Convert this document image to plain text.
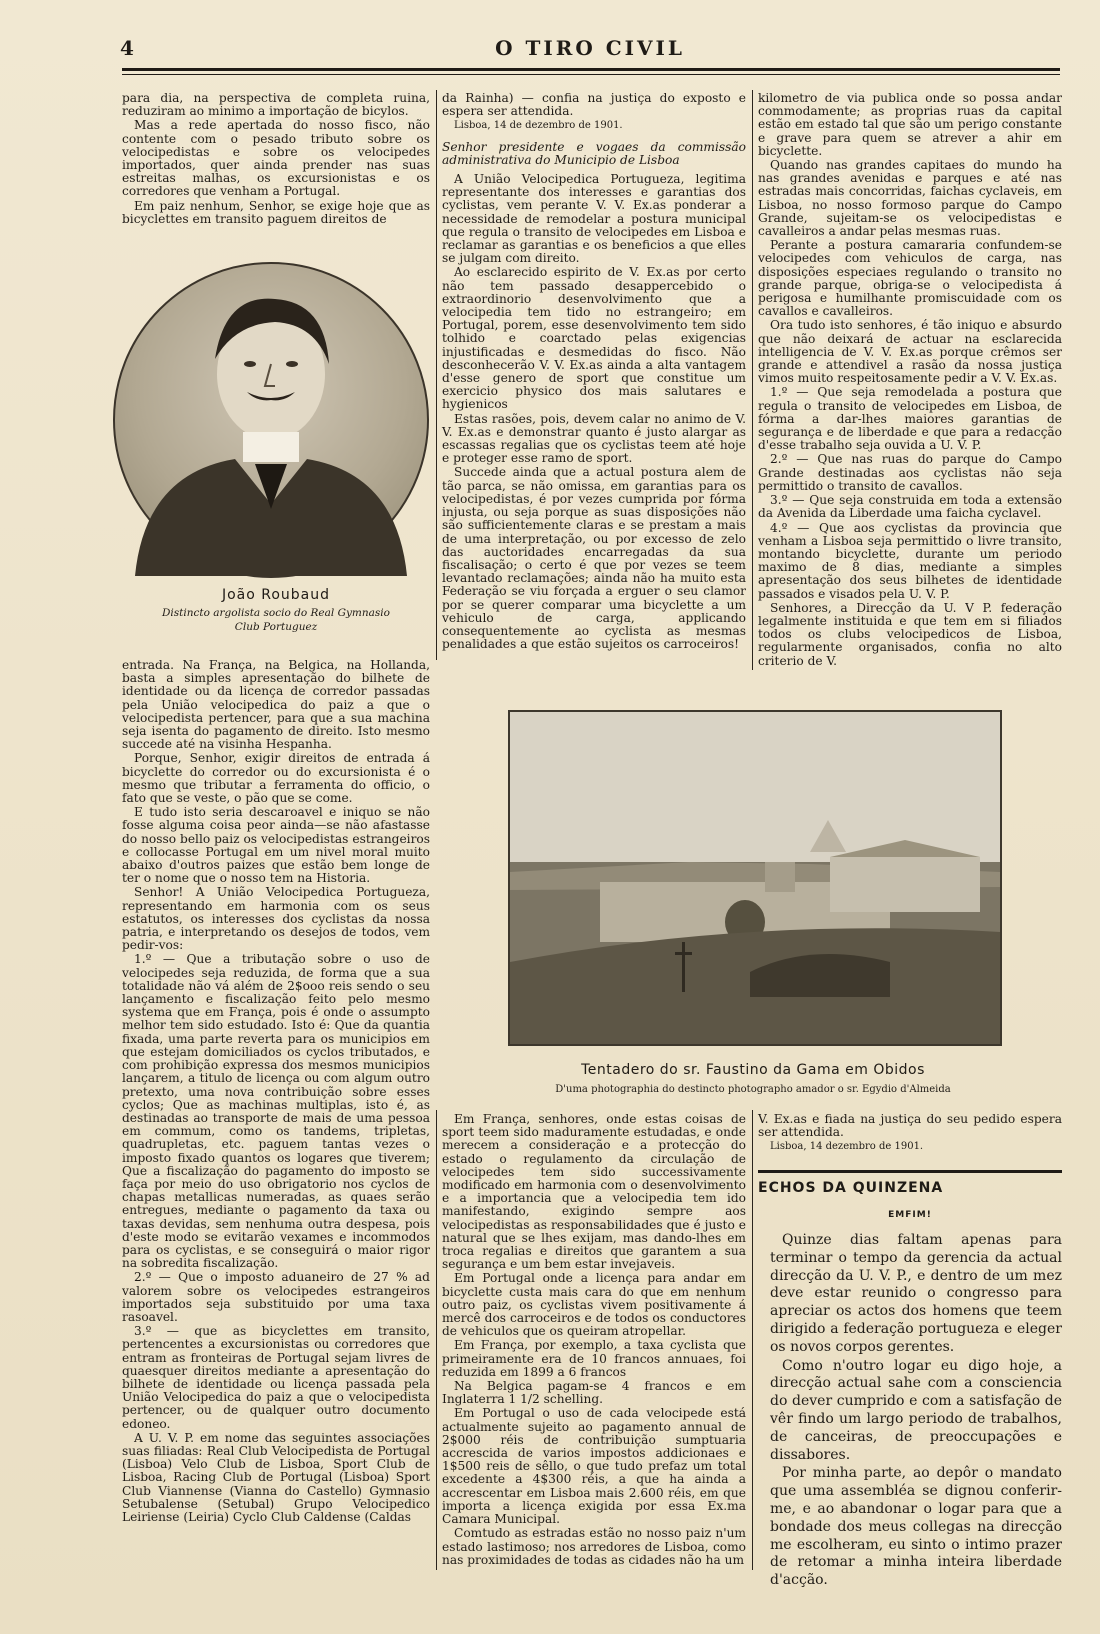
4	O TIRO CIVIL

para dia, na perspectiva de completa ruina, reduziram ao minimo a importação de bicylos.

Mas a rede apertada do nosso fisco, não contente com o pesado tributo sobre os velocipedistas e sobre os velocipedes importados, quer ainda prender nas suas estreitas malhas, os excursionistas e os corredores que venham a Portugal.

Em paiz nenhum, Senhor, se exige hoje que as bicyclettes em transito paguem direitos de

João Roubaud
Distincto argolista socio do Real Gymnasio
Club Portuguez

entrada. Na França, na Belgica, na Hollanda, basta a simples apresentação do bilhete de identidade ou da licença de corredor passadas pela União velocipedica do paiz a que o velocipedista pertencer, para que a sua machina seja isenta do pagamento de direito. Isto mesmo succede até na visinha Hespanha.

Porque, Senhor, exigir direitos de entrada á bicyclette do corredor ou do excursionista é o mesmo que tributar a ferramenta do officio, o fato que se veste, o pão que se come.

E tudo isto seria descaroavel e iniquo se não fosse alguma coisa peor ainda—se não afastasse do nosso bello paiz os velocipedistas estrangeiros e collocasse Portugal em um nivel moral muito abaixo d'outros paizes que estão bem longe de ter o nome que o nosso tem na Historia.

Senhor! A União Velocipedica Portugueza, representando em harmonia com os seus estatutos, os interesses dos cyclistas da nossa patria, e interpretando os desejos de todos, vem pedir-vos:

1.º — Que a tributação sobre o uso de velocipedes seja reduzida, de forma que a sua totalidade não vá além de 2$ooo reis sendo o seu lançamento e fiscalização feito pelo mesmo systema que em França, pois é onde o assumpto melhor tem sido estudado. Isto é: Que da quantia fixada, uma parte reverta para os municipios em que estejam domiciliados os cyclos tributados, e com prohibição expressa dos mesmos municipios lançarem, a titulo de licença ou com algum outro pretexto, uma nova contribuição sobre esses cyclos; Que as machinas multiplas, isto é, as destinadas ao transporte de mais de uma pessoa em commum, como os tandems, tripletas, quadrupletas, etc. paguem tantas vezes o imposto fixado quantos os logares que tiverem; Que a fiscalização do pagamento do imposto se faça por meio do uso obrigatorio nos cyclos de chapas metallicas numeradas, as quaes serão entregues, mediante o pagamento da taxa ou taxas devidas, sem nenhuma outra despesa, pois d'este modo se evitarão vexames e incommodos para os cyclistas, e se conseguirá o maior rigor na sobredita fiscalização.

2.º — Que o imposto aduaneiro de 27 % ad valorem sobre os velocipedes estrangeiros importados seja substituido por uma taxa rasoavel.

3.º — que as bicyclettes em transito, pertencentes a excursionistas ou corredores que entram as fronteiras de Portugal sejam livres de quaesquer direitos mediante a apresentação do bilhete de identidade ou licença passada pela União Velocipedica do paiz a que o velocipedista pertencer, ou de qualquer outro documento edoneo.

A U. V. P. em nome das seguintes associações suas filiadas: Real Club Velocipedista de Portugal (Lisboa) Velo Club de Lisboa, Sport Club de Lisboa, Racing Club de Portugal (Lisboa) Sport Club Viannense (Vianna do Castello) Gymnasio Setubalense (Setubal) Grupo Velocipedico Leiriense (Leiria) Cyclo Club Caldense (Caldas

da Rainha) — confia na justiça do exposto e espera ser attendida.

Lisboa, 14 de dezembro de 1901.

Senhor presidente e vogaes da commissão administrativa do Municipio de Lisboa

A União Velocipedica Portugueza, legitima representante dos interesses e garantias dos cyclistas, vem perante V. V. Ex.as ponderar a necessidade de remodelar a postura municipal que regula o transito de velocipedes em Lisboa e reclamar as garantias e os beneficios a que elles se julgam com direito.

Ao esclarecido espirito de V. Ex.as por certo não tem passado desappercebido o extraordinorio desenvolvimento que a velocipedia tem tido no estrangeiro; em Portugal, porem, esse desenvolvimento tem sido tolhido e coarctado pelas exigencias injustificadas e desmedidas do fisco. Não desconhecerão V. V. Ex.as ainda a alta vantagem d'esse genero de sport que constitue um exercicio physico dos mais salutares e hygienicos

Estas rasões, pois, devem calar no animo de V. V. Ex.as e demonstrar quanto é justo alargar as escassas regalias que os cyclistas teem até hoje e proteger esse ramo de sport.

Succede ainda que a actual postura alem de tão parca, se não omissa, em garantias para os velocipedistas, é por vezes cumprida por fórma injusta, ou seja porque as suas disposições não são sufficientemente claras e se prestam a mais de uma interpretação, ou por excesso de zelo das auctoridades encarregadas da sua fiscalisação; o certo é que por vezes se teem levantado reclamações; ainda não ha muito esta Federação se viu forçada a erguer o seu clamor por se querer comparar uma bicyclette a um vehiculo de carga, applicando consequentemente ao cyclista as mesmas penalidades a que estão sujeitos os carroceiros!

kilometro de via publica onde so possa andar commodamente; as proprias ruas da capital estão em estado tal que são um perigo constante e grave para quem se atrever a ahir em bicyclette.

Quando nas grandes capitaes do mundo ha nas grandes avenidas e parques e até nas estradas mais concorridas, faichas cyclaveis, em Lisboa, no nosso formoso parque do Campo Grande, sujeitam-se os velocipedistas e cavalleiros a andar pelas mesmas ruas.

Perante a postura camararia confundem-se velocipedes com vehiculos de carga, nas disposições especiaes regulando o transito no grande parque, obriga-se o velocipedista á perigosa e humilhante promiscuidade com os cavallos e cavalleiros.

Ora tudo isto senhores, é tão iniquo e absurdo que não deixará de actuar na esclarecida intelligencia de V. V. Ex.as porque crêmos ser grande e attendivel a rasão da nossa justiça vimos muito respeitosamente pedir a V. V. Ex.as.

1.º — Que seja remodelada a postura que regula o transito de velocipedes em Lisboa, de fórma a dar-lhes maiores garantias de segurança e de liberdade e que para a redacção d'esse trabalho seja ouvida a U. V. P.

2.º — Que nas ruas do parque do Campo Grande destinadas aos cyclistas não seja permittido o transito de cavallos.

3.º — Que seja construida em toda a extensão da Avenida da Liberdade uma faicha cyclavel.

4.º — Que aos cyclistas da provincia que venham a Lisboa seja permittido o livre transito, montando bicyclette, durante um periodo maximo de 8 dias, mediante a simples apresentação dos seus bilhetes de identidade passados e visados pela U. V. P.

Senhores, a Direcção da U. V P. federação legalmente instituida e que tem em si filiados todos os clubs velocipedicos de Lisboa, regularmente organisados, confia no alto criterio de V.

Tentadero do sr. Faustino da Gama em Obidos
D'uma photographia do destincto photographo amador o sr. Egydio d'Almeida

Em França, senhores, onde estas coisas de sport teem sido maduramente estudadas, e onde merecem a consideração e a protecção do estado o regulamento da circulação de velocipedes tem sido successivamente modificado em harmonia com o desenvolvimento e a importancia que a velocipedia tem ido manifestando, exigindo sempre aos velocipedistas as responsabilidades que é justo e natural que se lhes exijam, mas dando-lhes em troca regalias e direitos que garantem a sua segurança e um bem estar invejaveis.

Em Portugal onde a licença para andar em bicyclette custa mais cara do que em nenhum outro paiz, os cyclistas vivem positivamente á mercê dos carroceiros e de todos os conductores de vehiculos que os queiram atropellar.

Em França, por exemplo, a taxa cyclista que primeiramente era de 10 francos annuaes, foi reduzida em 1899 a 6 francos

Na Belgica pagam-se 4 francos e em Inglaterra 1 1/2 schelling.

Em Portugal o uso de cada velocipede está actualmente sujeito ao pagamento annual de 2$000 réis de contribuição sumptuaria accrescida de varios impostos addicionaes e 1$500 reis de sêllo, o que tudo prefaz um total excedente a 4$300 réis, a que ha ainda a accrescentar em Lisboa mais 2.600 réis, em que importa a licença exigida por essa Ex.ma Camara Municipal.

Comtudo as estradas estão no nosso paiz n'um estado lastimoso; nos arredores de Lisboa, como nas proximidades de todas as cidades não ha um

V. Ex.as e fiada na justiça do seu pedido espera ser attendida.

Lisboa, 14 dezembro de 1901.

ECHOS DA QUINZENA
EMFIM!

Quinze dias faltam apenas para terminar o tempo da gerencia da actual direcção da U. V. P., e dentro de um mez deve estar reunido o congresso para apreciar os actos dos homens que teem dirigido a federação portugueza e eleger os novos corpos gerentes.

Como n'outro logar eu digo hoje, a direcção actual sahe com a consciencia do dever cumprido e com a satisfação de vêr findo um largo periodo de trabalhos, de canceiras, de preoccupações e dissabores.

Por minha parte, ao depôr o mandato que uma assembléa se dignou conferir-me, e ao abandonar o logar para que a bondade dos meus collegas na direcção me escolheram, eu sinto o intimo prazer de retomar a minha inteira liberdade d'acção.
